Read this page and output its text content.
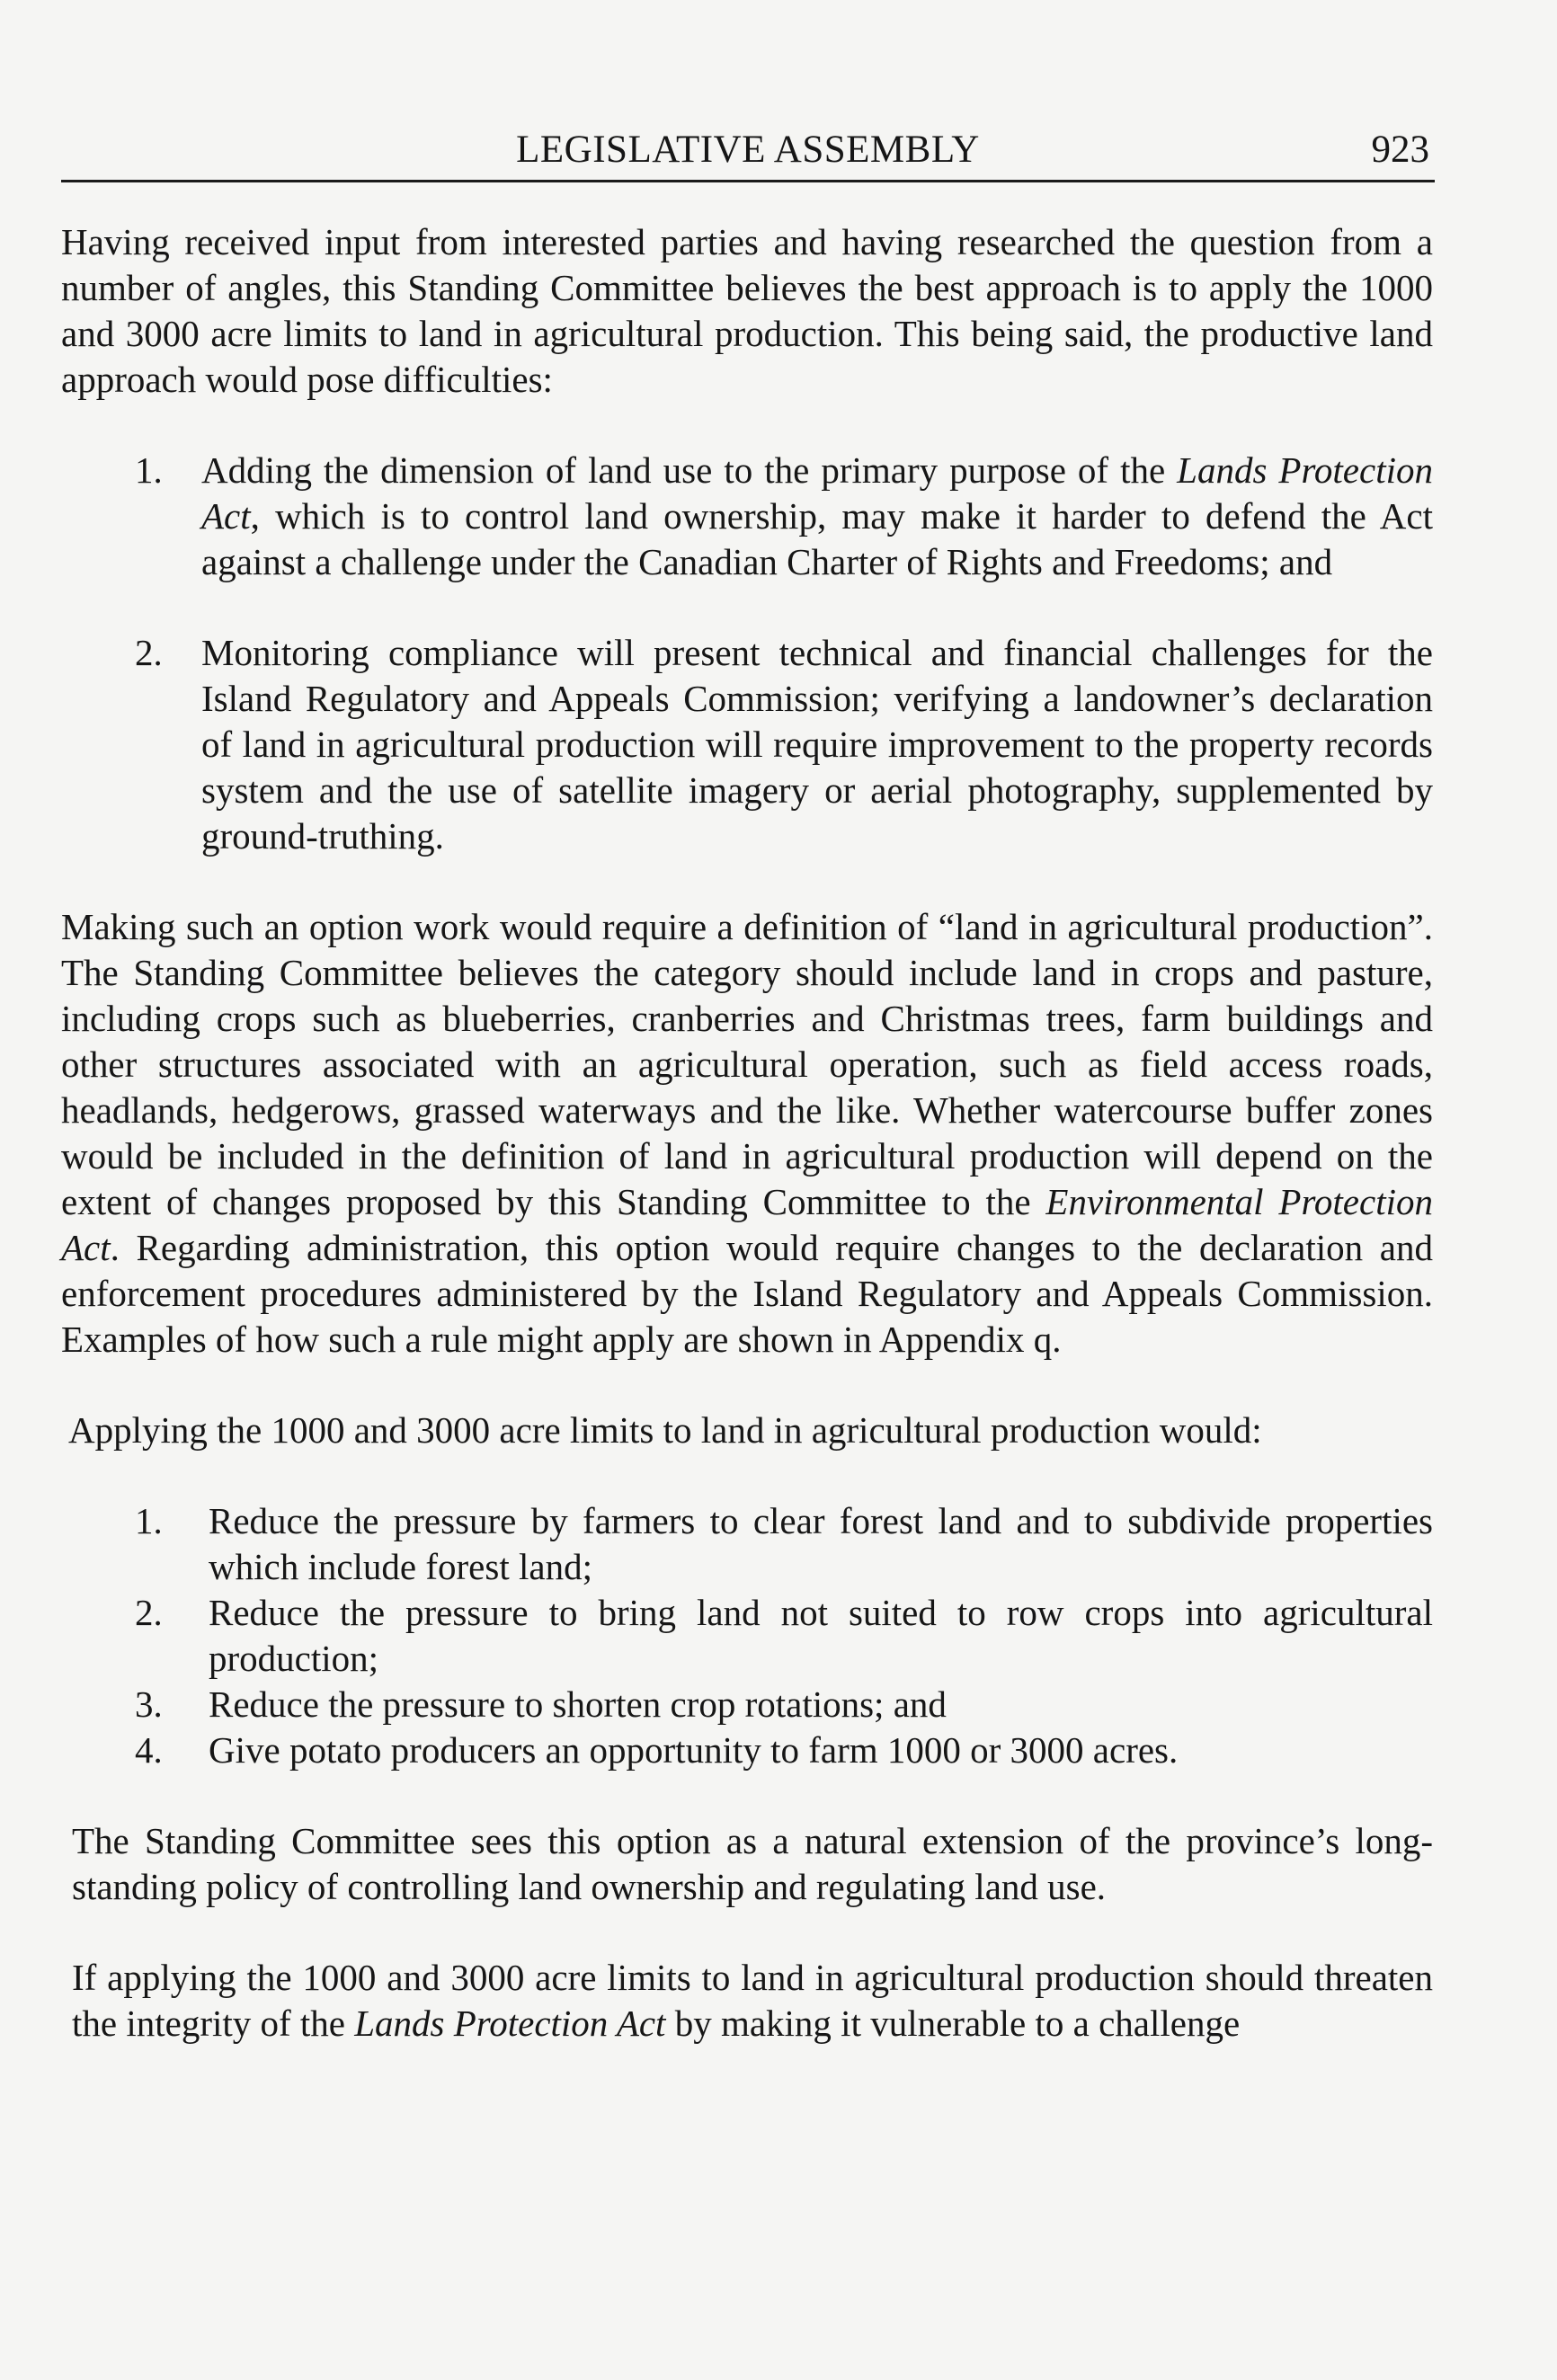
LEGISLATIVE ASSEMBLY	923

Having received input from interested parties and having researched the question from a number of angles, this Standing Committee believes the best approach is to apply the 1000 and 3000 acre limits to land in agricultural production. This being said, the productive land approach would pose difficulties:

1. Adding the dimension of land use to the primary purpose of the Lands Protection Act, which is to control land ownership, may make it harder to defend the Act against a challenge under the Canadian Charter of Rights and Freedoms; and
2. Monitoring compliance will present technical and financial challenges for the Island Regulatory and Appeals Commission; verifying a landowner’s declaration of land in agricultural production will require improvement to the property records system and the use of satellite imagery or aerial photography, supplemented by ground-truthing.

Making such an option work would require a definition of “land in agricultural production”. The Standing Committee believes the category should include land in crops and pasture, including crops such as blueberries, cranberries and Christmas trees, farm buildings and other structures associated with an agricultural operation, such as field access roads, headlands, hedgerows, grassed waterways and the like. Whether watercourse buffer zones would be included in the definition of land in agricultural production will depend on the extent of changes proposed by this Standing Committee to the Environmental Protection Act. Regarding administration, this option would require changes to the declaration and enforcement procedures administered by the Island Regulatory and Appeals Commission. Examples of how such a rule might apply are shown in Appendix q.

Applying the 1000 and 3000 acre limits to land in agricultural production would:

1. Reduce the pressure by farmers to clear forest land and to subdivide properties which include forest land;
2. Reduce the pressure to bring land not suited to row crops into agricultural production;
3. Reduce the pressure to shorten crop rotations; and
4. Give potato producers an opportunity to farm 1000 or 3000 acres.

The Standing Committee sees this option as a natural extension of the province’s long-standing policy of controlling land ownership and regulating land use.

If applying the 1000 and 3000 acre limits to land in agricultural production should threaten the integrity of the Lands Protection Act by making it vulnerable to a challenge
